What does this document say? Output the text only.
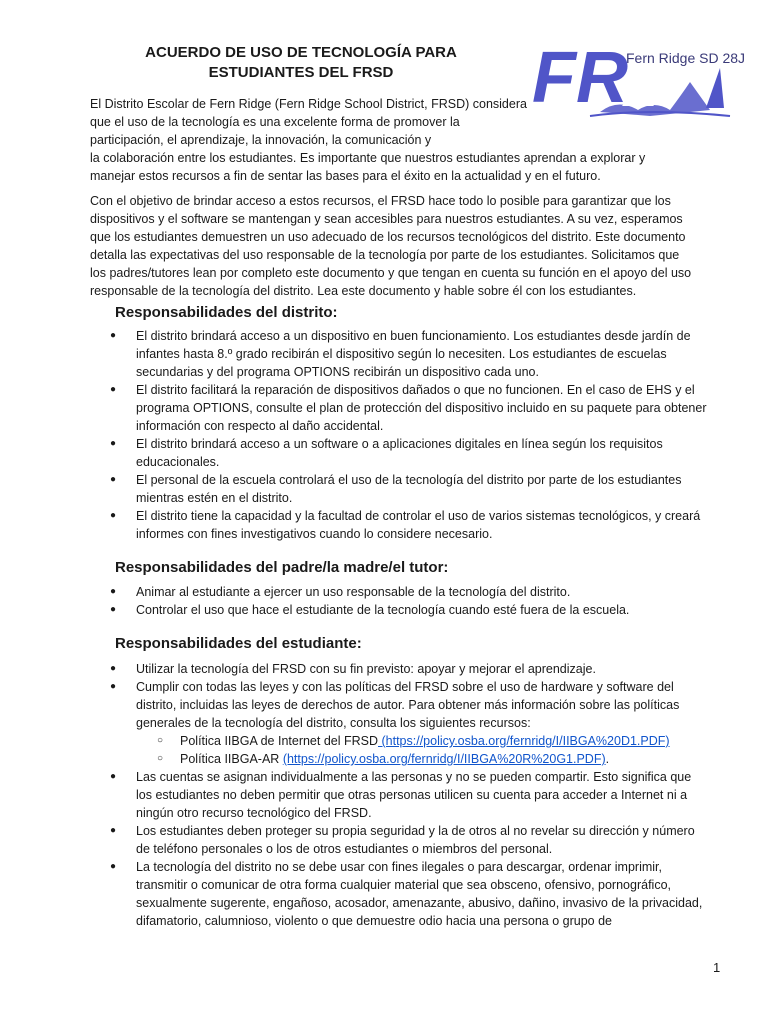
ACUERDO DE USO DE TECNOLOGÍA PARA
ESTUDIANTES DEL FRSD	FR
Fern Ridge SD 28J

El Distrito Escolar de Fern Ridge (Fern Ridge School District, FRSD) considera que el uso de la tecnología es una excelente forma de promover la participación, el aprendizaje, la innovación, la comunicación y
la colaboración entre los estudiantes. Es importante que nuestros estudiantes aprendan a explorar y manejar estos recursos a fin de sentar las bases para el éxito en la actualidad y en el futuro.

Con el objetivo de brindar acceso a estos recursos, el FRSD hace todo lo posible para garantizar que los dispositivos y el software se mantengan y sean accesibles para nuestros estudiantes. A su vez, esperamos que los estudiantes demuestren un uso adecuado de los recursos tecnológicos del distrito. Este documento detalla las expectativas del uso responsable de la tecnología por parte de los estudiantes. Solicitamos que los padres/tutores lean por completo este documento y que tengan en cuenta su función en el apoyo del uso responsable de la tecnología del distrito. Lea este documento y hable sobre él con los estudiantes.

Responsabilidades del distrito:
● El distrito brindará acceso a un dispositivo en buen funcionamiento. Los estudiantes desde jardín de infantes hasta 8.º grado recibirán el dispositivo según lo necesiten. Los estudiantes de escuelas secundarias y del programa OPTIONS recibirán un dispositivo cada uno.
● El distrito facilitará la reparación de dispositivos dañados o que no funcionen. En el caso de EHS y el programa OPTIONS, consulte el plan de protección del dispositivo incluido en su paquete para obtener información con respecto al daño accidental.
● El distrito brindará acceso a un software o a aplicaciones digitales en línea según los requisitos educacionales.
● El personal de la escuela controlará el uso de la tecnología del distrito por parte de los estudiantes mientras estén en el distrito.
● El distrito tiene la capacidad y la facultad de controlar el uso de varios sistemas tecnológicos, y creará informes con fines investigativos cuando lo considere necesario.
Responsabilidades del padre/la madre/el tutor:
● Animar al estudiante a ejercer un uso responsable de la tecnología del distrito.
● Controlar el uso que hace el estudiante de la tecnología cuando esté fuera de la escuela.
Responsabilidades del estudiante:
● Utilizar la tecnología del FRSD con su fin previsto: apoyar y mejorar el aprendizaje.
● Cumplir con todas las leyes y con las políticas del FRSD sobre el uso de hardware y software del distrito, incluidas las leyes de derechos de autor. Para obtener más información sobre las políticas generales de la tecnología del distrito, consulta los siguientes recursos:
○ Política IIBGA de Internet del FRSD (https://policy.osba.org/fernridg/I/IIBGA%20D1.PDF)
○ Política IIBGA-AR (https://policy.osba.org/fernridg/I/IIBGA%20R%20G1.PDF).
● Las cuentas se asignan individualmente a las personas y no se pueden compartir. Esto significa que los estudiantes no deben permitir que otras personas utilicen su cuenta para acceder a Internet ni a ningún otro recurso tecnológico del FRSD.
● Los estudiantes deben proteger su propia seguridad y la de otros al no revelar su dirección y número de teléfono personales o los de otros estudiantes o miembros del personal.
● La tecnología del distrito no se debe usar con fines ilegales o para descargar, ordenar imprimir, transmitir o comunicar de otra forma cualquier material que sea obsceno, ofensivo, pornográfico, sexualmente sugerente, engañoso, acosador, amenazante, abusivo, dañino, invasivo de la privacidad, difamatorio, calumnioso, violento o que demuestre odio hacia una persona o grupo de
1
